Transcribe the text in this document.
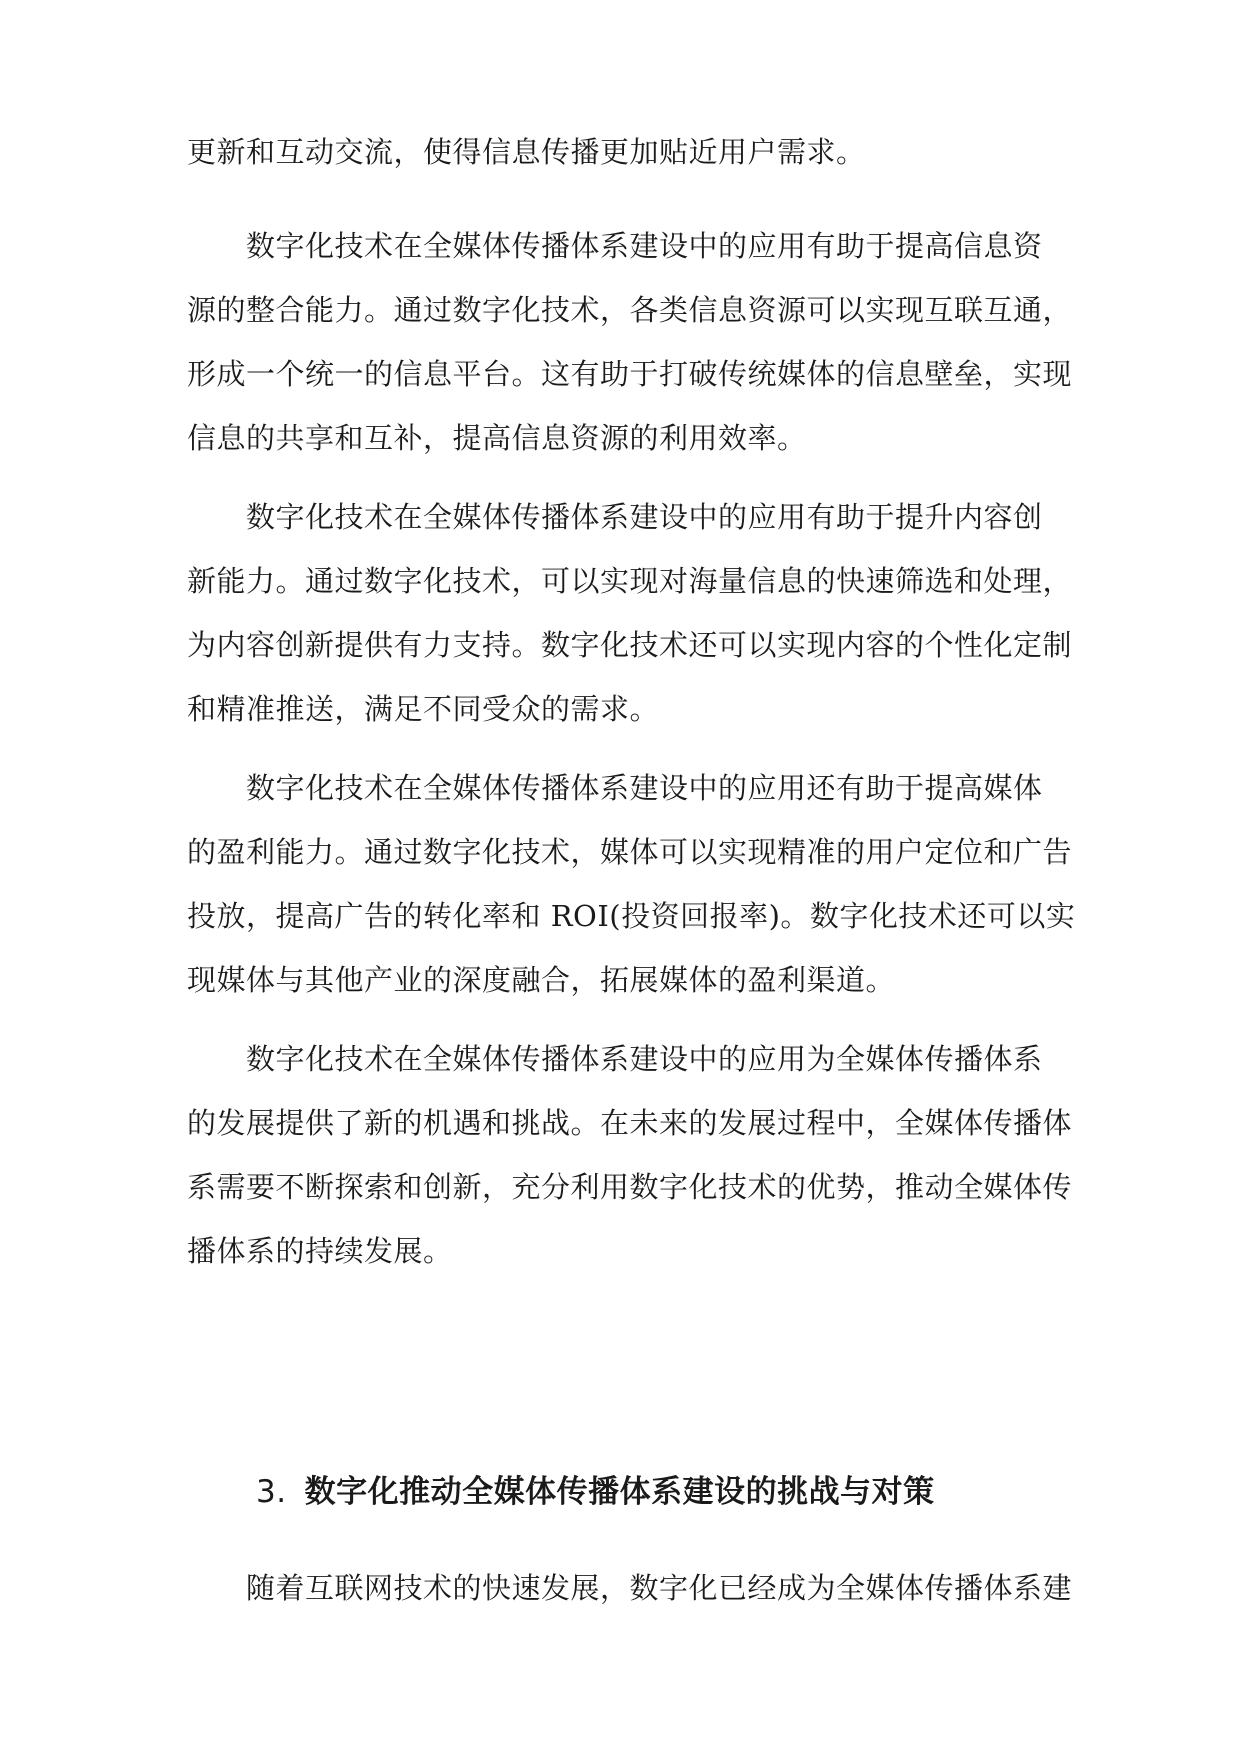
更新和互动交流，使得信息传播更加贴近用户需求。
数字化技术在全媒体传播体系建设中的应用有助于提高信息资
源的整合能力。通过数字化技术，各类信息资源可以实现互联互通，
形成一个统一的信息平台。这有助于打破传统媒体的信息壁垒，实现
信息的共享和互补，提高信息资源的利用效率。
数字化技术在全媒体传播体系建设中的应用有助于提升内容创
新能力。通过数字化技术，可以实现对海量信息的快速筛选和处理，
为内容创新提供有力支持。数字化技术还可以实现内容的个性化定制
和精准推送，满足不同受众的需求。
数字化技术在全媒体传播体系建设中的应用还有助于提高媒体
的盈利能力。通过数字化技术，媒体可以实现精准的用户定位和广告
投放，提高广告的转化率和 ROI(投资回报率)。数字化技术还可以实
现媒体与其他产业的深度融合，拓展媒体的盈利渠道。
数字化技术在全媒体传播体系建设中的应用为全媒体传播体系
的发展提供了新的机遇和挑战。在未来的发展过程中，全媒体传播体
系需要不断探索和创新，充分利用数字化技术的优势，推动全媒体传
播体系的持续发展。
3. 数字化推动全媒体传播体系建设的挑战与对策
随着互联网技术的快速发展，数字化已经成为全媒体传播体系建
